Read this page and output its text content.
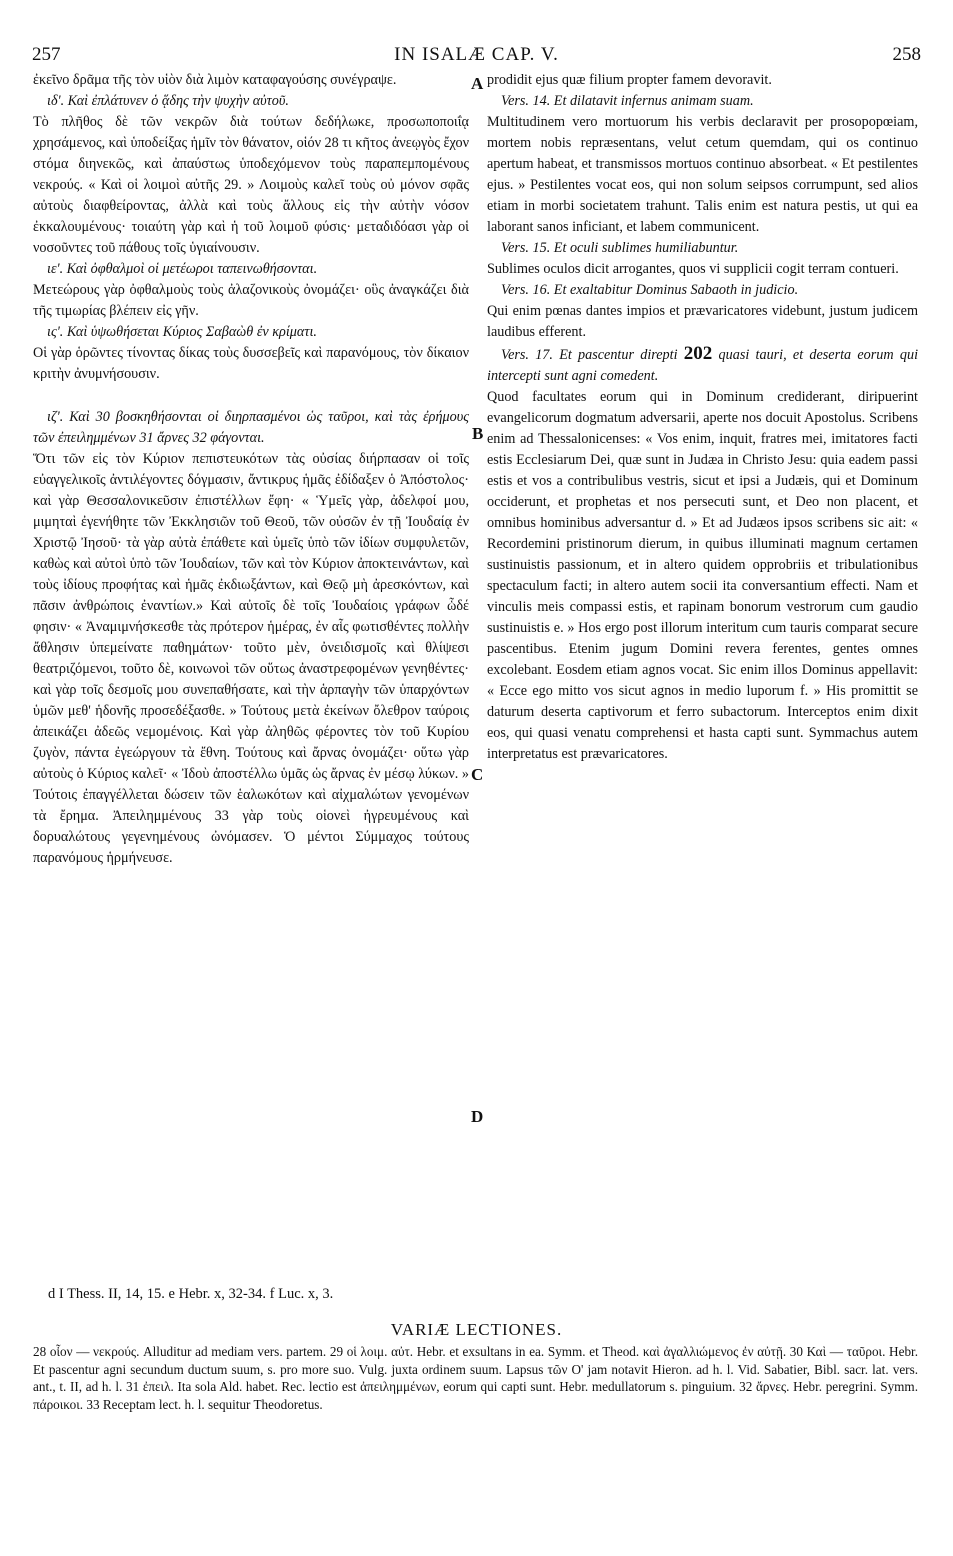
257	IN ISALÆ CAP. V.	258

ἐκεῖνο δρᾶμα τῆς τὸν υἱὸν διὰ λιμὸν καταφαγούσης συνέγραψε.

ιδ'. Καὶ ἐπλάτυνεν ὁ ᾅδης τὴν ψυχὴν αὐτοῦ.

Τὸ πλῆθος δὲ τῶν νεκρῶν διὰ τούτων δεδήλωκε, προσωποποιΐᾳ χρησάμενος, καὶ ὑποδείξας ἡμῖν τὸν θάνατον, οἱόν 28 τι κῆτος ἀνεῳγὸς ἔχον στόμα διηνεκῶς, καὶ ἀπαύστως ὑποδεχόμενον τοὺς παραπεμπομένους νεκρούς. « Καὶ οἱ λοιμοὶ αὐτῆς 29. » Λοιμοὺς καλεῖ τοὺς οὐ μόνον σφᾶς αὐτοὺς διαφθείροντας, ἀλλὰ καὶ τοὺς ἄλλους εἰς τὴν αὐτὴν νόσον ἐκκαλουμένους· τοιαύτη γὰρ καὶ ἡ τοῦ λοιμοῦ φύσις· μεταδιδόασι γὰρ οἱ νοσοῦντες τοῦ πάθους τοῖς ὑγιαίνουσιν.

ιε'. Καὶ ὀφθαλμοὶ οἱ μετέωροι ταπεινωθήσονται.

Μετεώρους γὰρ ὀφθαλμοὺς τοὺς ἀλαζονικοὺς ὀνομάζει· οὓς ἀναγκάζει διὰ τῆς τιμωρίας βλέπειν εἰς γῆν.

ις'. Καὶ ὑψωθήσεται Κύριος Σαβαὼθ ἐν κρίματι.

Οἱ γὰρ ὁρῶντες τίνοντας δίκας τοὺς δυσσεβεῖς καὶ παρανόμους, τὸν δίκαιον κριτὴν ἀνυμνήσουσιν.

ιζ'. Καὶ 30 βοσκηθήσονται οἱ διηρπασμένοι ὡς ταῦροι, καὶ τὰς ἐρήμους τῶν ἐπειλημμένων 31 ἄρνες 32 φάγονται.

Ὅτι τῶν εἰς τὸν Κύριον πεπιστευκότων τὰς οὐσίας διήρπασαν οἱ τοῖς εὐαγγελικοῖς ἀντιλέγοντες δόγμασιν, ἄντικρυς ἡμᾶς ἐδίδαξεν ὁ Ἀπόστολος· καὶ γὰρ Θεσσαλονικεῦσιν ἐπιστέλλων ἔφη· « Ὑμεῖς γὰρ, ἀδελφοί μου, μιμηταὶ ἐγενήθητε τῶν Ἐκκλησιῶν τοῦ Θεοῦ, τῶν οὐσῶν ἐν τῇ Ἰουδαίᾳ ἐν Χριστῷ Ἰησοῦ· τὰ γὰρ αὐτὰ ἐπάθετε καὶ ὑμεῖς ὑπὸ τῶν ἰδίων συμφυλετῶν, καθὼς καὶ αὐτοὶ ὑπὸ τῶν Ἰουδαίων, τῶν καὶ τὸν Κύριον ἀποκτεινάντων, καὶ τοὺς ἰδίους προφήτας καὶ ἡμᾶς ἐκδιωξάντων, καὶ Θεῷ μὴ ἀρεσκόντων, καὶ πᾶσιν ἀνθρώποις ἐναντίων.» Καὶ αὐτοῖς δὲ τοῖς Ἰουδαίοις γράφων ὧδέ φησιν· « Ἀναμιμνήσκεσθε τὰς πρότερον ἡμέρας, ἐν αἷς φωτισθέντες πολλὴν ἄθλησιν ὑπεμείνατε παθημάτων· τοῦτο μὲν, ὀνειδισμοῖς καὶ θλίψεσι θεατριζόμενοι, τοῦτο δὲ, κοινωνοὶ τῶν οὕτως ἀναστρεφομένων γενηθέντες· καὶ γὰρ τοῖς δεσμοῖς μου συνεπαθήσατε, καὶ τὴν ἁρπαγὴν τῶν ὑπαρχόντων ὑμῶν μεθ' ἡδονῆς προσεδέξασθε. » Τούτους μετὰ ἐκείνων ὄλεθρον ταύροις ἀπεικάζει ἀδεῶς νεμομένοις. Καὶ γὰρ ἀληθῶς φέροντες τὸν τοῦ Κυρίου ζυγὸν, πάντα ἐγεώργουν τὰ ἔθνη. Τούτους καὶ ἄρνας ὀνομάζει· οὕτω γὰρ αὐτοὺς ὁ Κύριος καλεῖ· « Ἰδοὺ ἀποστέλλω ὑμᾶς ὡς ἄρνας ἐν μέσῳ λύκων. » Τούτοις ἐπαγγέλλεται δώσειν τῶν ἑαλωκότων καὶ αἰχμαλώτων γενομένων τὰ ἔρημα. Ἀπειλημμένους 33 γὰρ τοὺς οἱονεὶ ἠγρευμένους καὶ δορυαλώτους γεγενημένους ὠνόμασεν. Ὁ μέντοι Σύμμαχος τούτους παρανόμους ἡρμήνευσε.

prodidit ejus quæ filium propter famem devoravit.

Vers. 14. Et dilatavit infernus animam suam.

Multitudinem vero mortuorum his verbis declaravit per prosopopœiam, mortem nobis repræsentans, velut cetum quemdam, qui os continuo apertum habeat, et transmissos mortuos continuo absorbeat. « Et pestilentes ejus. » Pestilentes vocat eos, qui non solum seipsos corrumpunt, sed alios etiam in morbi societatem trahunt. Talis enim est natura pestis, ut qui ea laborant sanos inficiant, et labem communicent.

Vers. 15. Et oculi sublimes humiliabuntur.

Sublimes oculos dicit arrogantes, quos vi supplicii cogit terram contueri.

Vers. 16. Et exaltabitur Dominus Sabaoth in judicio.

Qui enim pœnas dantes impios et prævaricatores videbunt, justum judicem laudibus efferent.

Vers. 17. Et pascentur direpti 202 quasi tauri, et deserta eorum qui intercepti sunt agni comedent.

Quod facultates eorum qui in Dominum crediderant, diripuerint evangelicorum dogmatum adversarii, aperte nos docuit Apostolus. Scribens enim ad Thessalonicenses: « Vos enim, inquit, fratres mei, imitatores facti estis Ecclesiarum Dei, quæ sunt in Judæa in Christo Jesu: quia eadem passi estis et vos a contribulibus vestris, sicut et ipsi a Judæis, qui et Dominum occiderunt, et prophetas et nos persecuti sunt, et Deo non placent, et omnibus hominibus adversantur d. » Et ad Judæos ipsos scribens sic ait: « Recordemini pristinorum dierum, in quibus illuminati magnum certamen sustinuistis passionum, et in altero quidem opprobriis et tribulationibus spectaculum facti; in altero autem socii ita conversantium effecti. Nam et vinculis meis compassi estis, et rapinam bonorum vestrorum cum gaudio sustinuistis e. » Hos ergo post illorum interitum cum tauris comparat secure pascentibus. Etenim jugum Domini revera ferentes, gentes omnes excolebant. Eosdem etiam agnos vocat. Sic enim illos Dominus appellavit: « Ecce ego mitto vos sicut agnos in medio luporum f. » His promittit se daturum deserta captivorum et ferro subactorum. Interceptos enim dixit eos, qui quasi venatu comprehensi et hasta capti sunt. Symmachus autem interpretatus est prævaricatores.

A
B
C
D
d I Thess. II, 14, 15. e Hebr. x, 32-34. f Luc. x, 3.
VARIÆ LECTIONES.
28 οἷον — νεκρούς. Alluditur ad mediam vers. partem. 29 οἱ λοιμ. αὐτ. Hebr. et exsultans in ea. Symm. et Theod. καὶ ἀγαλλιώμενος ἐν αὐτῇ. 30 Καὶ — ταῦροι. Hebr. Et pascentur agni secundum ductum suum, s. pro more suo. Vulg. juxta ordinem suum. Lapsus τῶν Ο' jam notavit Hieron. ad h. l. Vid. Sabatier, Bibl. sacr. lat. vers. ant., t. II, ad h. l. 31 ἐπειλ. Ita sola Ald. habet. Rec. lectio est ἀπειλημμένων, eorum qui capti sunt. Hebr. medullatorum s. pinguium. 32 ἄρνες. Hebr. peregrini. Symm. πάροικοι. 33 Receptam lect. h. l. sequitur Theodoretus.
